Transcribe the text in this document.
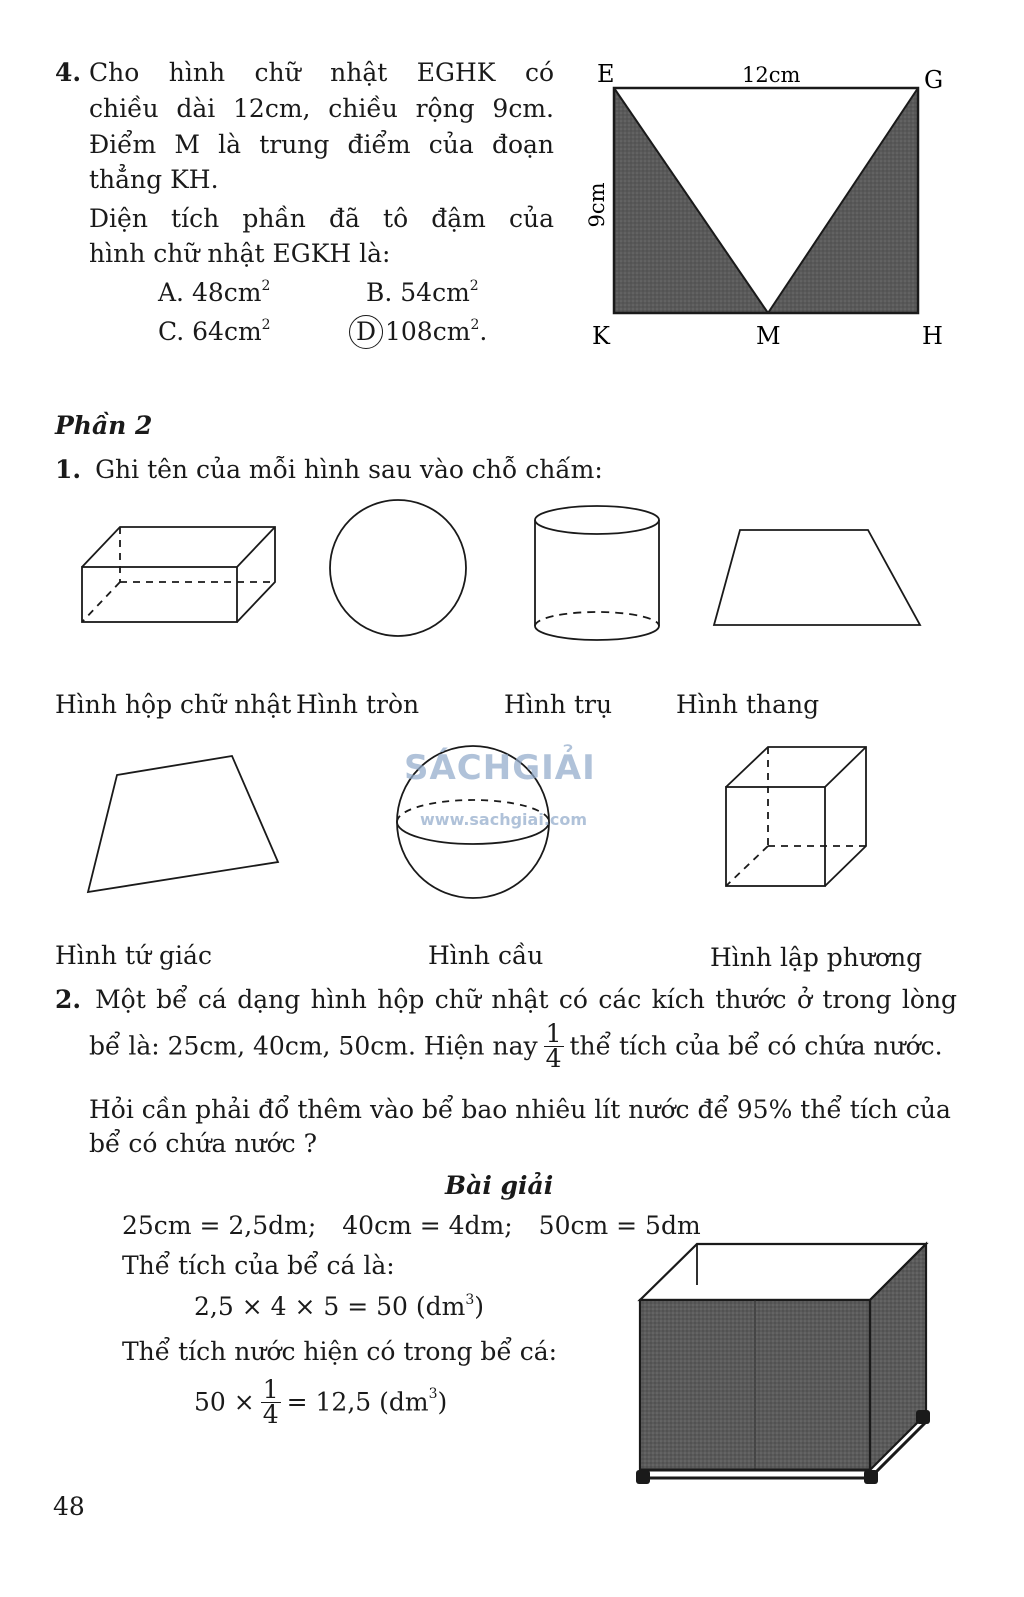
4. Cho hình chữ nhật EGHK có
chiều dài 12cm, chiều rộng 9cm.
Điểm M là trung điểm của đoạn
thẳng KH.
Diện tích phần đã tô đậm của
hình chữ nhật EGKH là:
A. $48cm^2$	B. $54cm^2$
C. $64cm^2$	D $108cm^2$.
E	G
K	M	H
12cm
9cm
Phần 2
1. Ghi tên của mỗi hình sau vào chỗ chấm:
Hình hộp chữ nhật Hình tròn	Hình trụ	Hình thang
SÁCHGIẢI
www.sachgiai.com
Hình tứ giác	Hình cầu	Hình lập phương
2. Một bể cá dạng hình hộp chữ nhật có các kích thước ở trong lòng
bể là: 25cm, 40cm, 50cm. Hiện nay $\frac{1}{4}$ thể tích của bể có chứa nước.
Hỏi cần phải đổ thêm vào bể bao nhiêu lít nước để 95% thể tích của
bể có chứa nước ?
Bài giải
25cm = 2,5dm; 40cm = 4dm; 50cm = 5dm
Thể tích của bể cá là:
2,5 × 4 × 5 = 50 $(dm^3)$
Thể tích nước hiện có trong bể cá:
$50 \times \frac{1}{4} = 12,5$ $(dm^3)$
48
